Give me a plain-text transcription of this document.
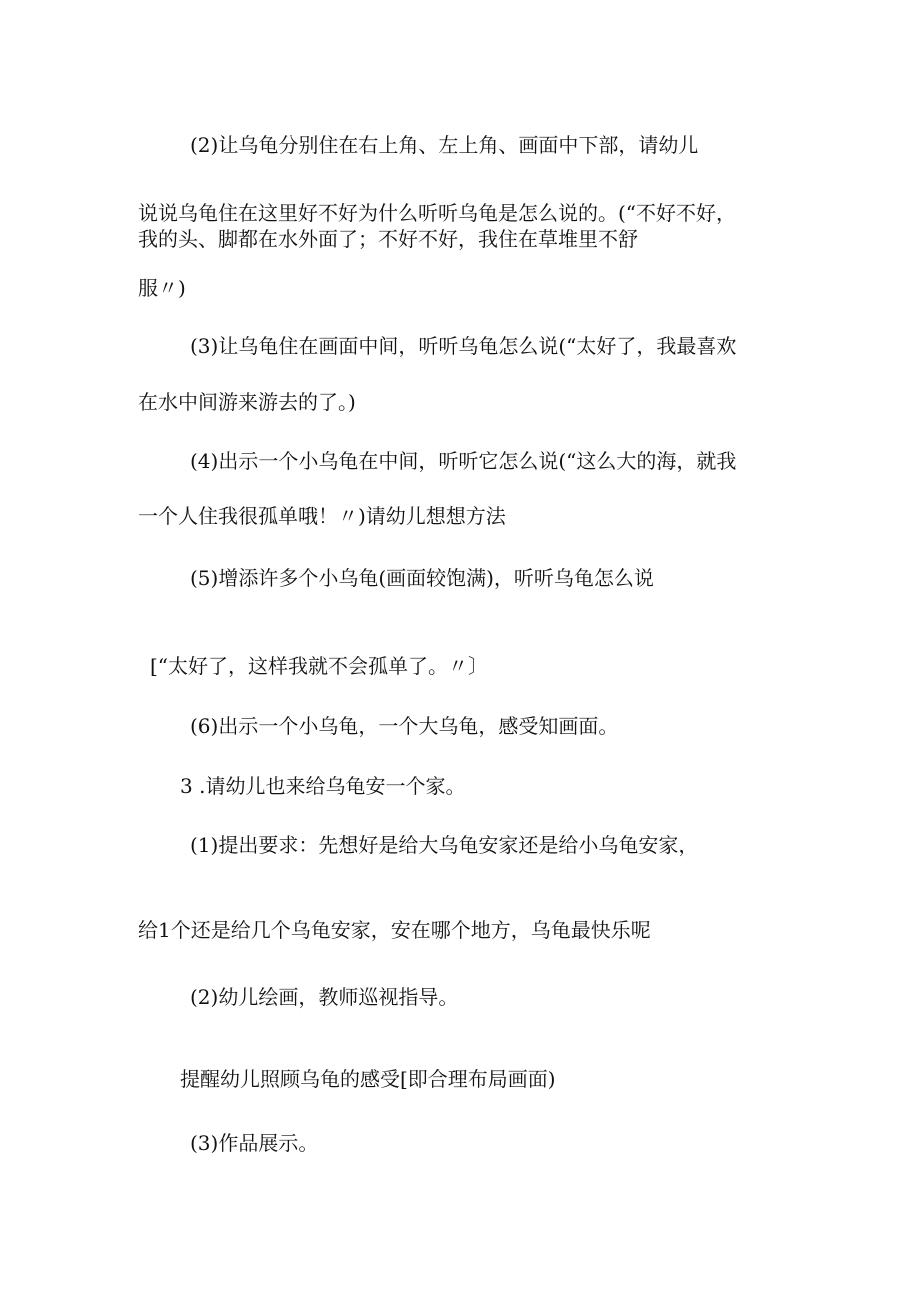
(2)让乌龟分别住在右上角、左上角、画面中下部，请幼儿
说说乌龟住在这里好不好为什么听听乌龟是怎么说的。(“不好不好，
我的头、脚都在水外面了；不好不好，我住在草堆里不舒
服〃)
(3)让乌龟住在画面中间，听听乌龟怎么说(“太好了，我最喜欢
在水中间游来游去的了。)
(4)出示一个小乌龟在中间，听听它怎么说(“这么大的海，就我
一个人住我很孤单哦！〃)请幼儿想想方法
(5)增添许多个小乌龟(画面较饱满)，听听乌龟怎么说
[“太好了，这样我就不会孤单了。〃〕
(6)出示一个小乌龟，一个大乌龟，感受知画面。
3 .请幼儿也来给乌龟安一个家。
(1)提出要求：先想好是给大乌龟安家还是给小乌龟安家，
给1个还是给几个乌龟安家，安在哪个地方，乌龟最快乐呢
(2)幼儿绘画，教师巡视指导。
提醒幼儿照顾乌龟的感受[即合理布局画面)
(3)作品展示。
